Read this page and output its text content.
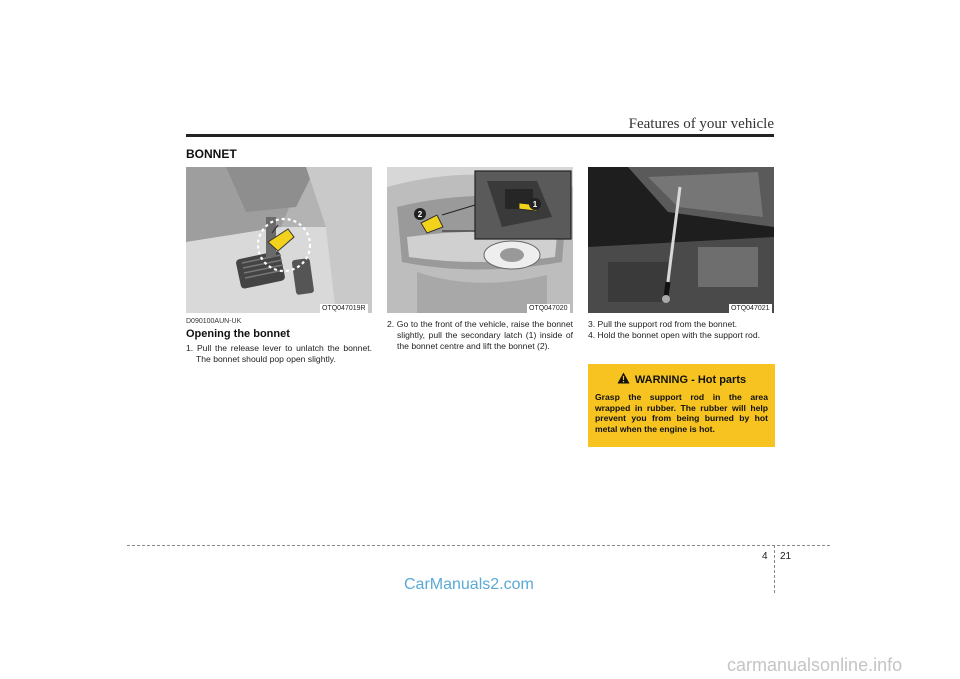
Features of your vehicle
BONNET
OTQ047019R
1
2
OTQ047020	OTQ047021
D090100AUN-UK
Opening the bonnet
1. Pull the release lever to unlatch the bonnet. The bonnet should pop open slightly.
2. Go to the front of the vehicle, raise the bonnet slightly, pull the secondary latch (1) inside of the bonnet centre and lift the bonnet (2).
3. Pull the support rod from the bonnet.
4. Hold the bonnet open with the support rod.
WARNING - Hot parts
Grasp the support rod in the area wrapped in rubber. The rubber will help prevent you from being burned by hot metal when the engine is hot.
4 21
CarManuals2.com
carmanualsonline.info
